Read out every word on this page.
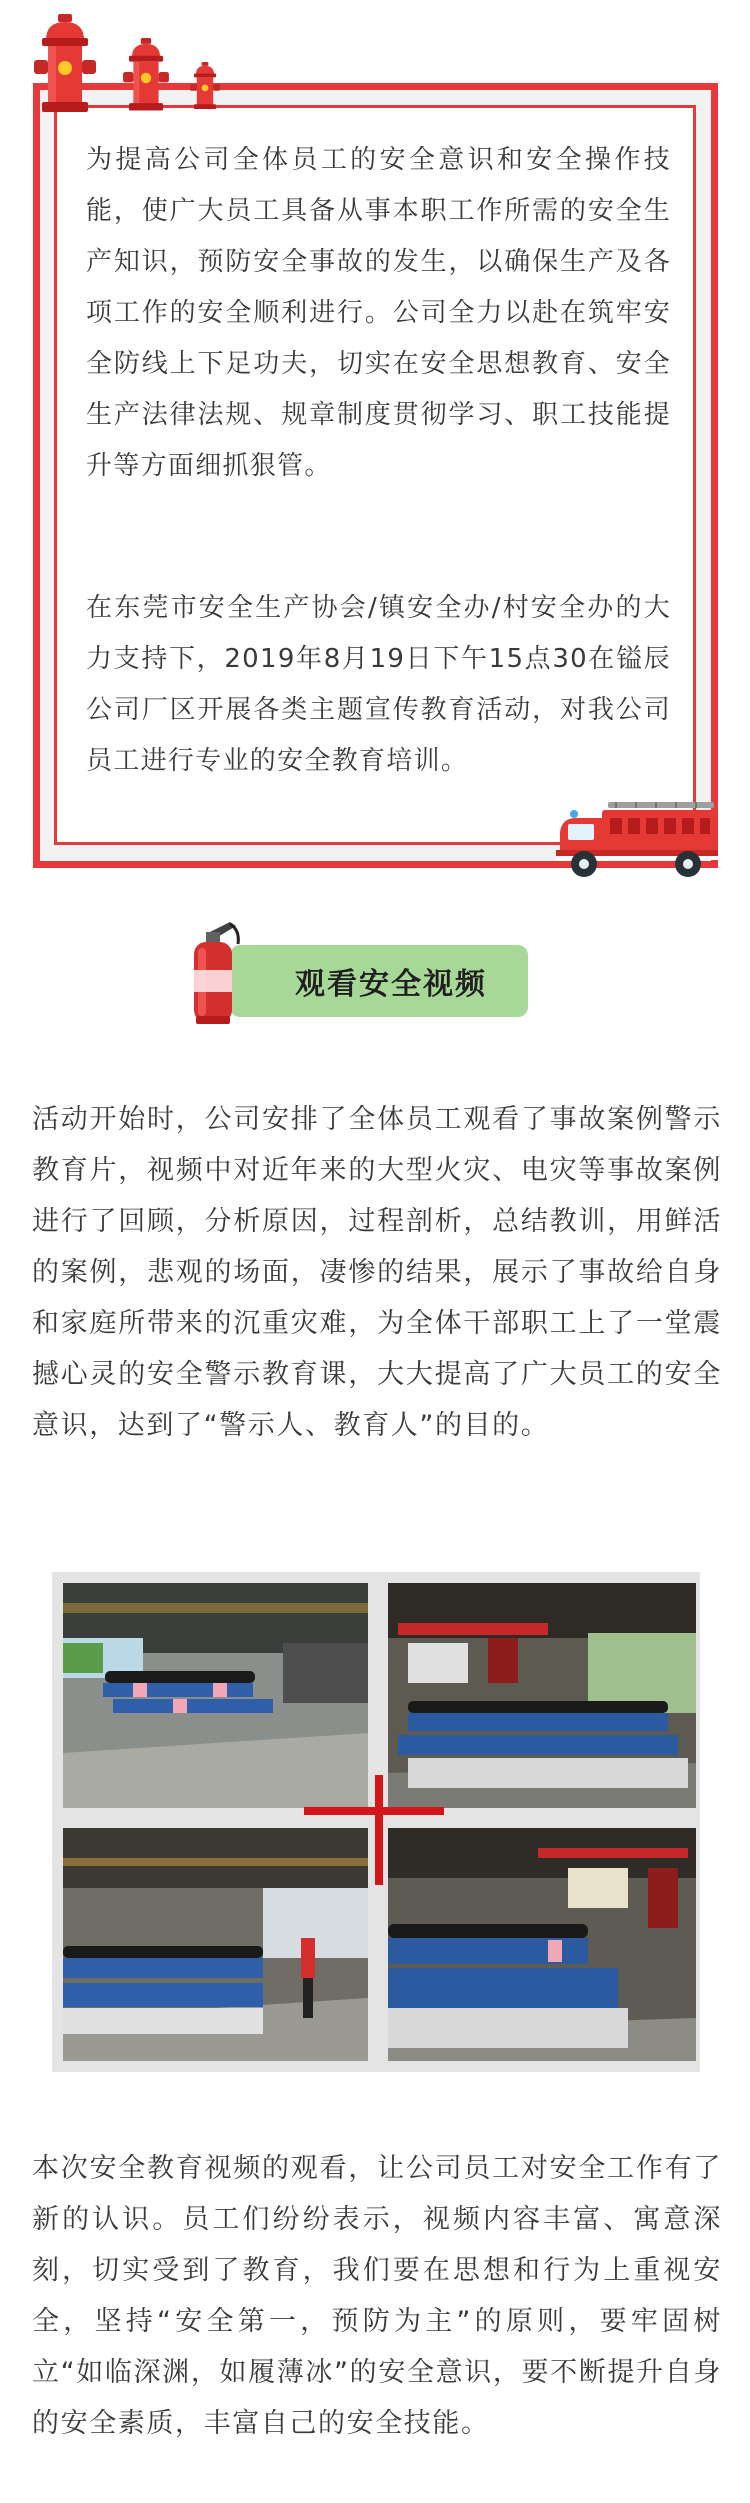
为提高公司全体员工的安全意识和安全操作技能，使广大员工具备从事本职工作所需的安全生产知识，预防安全事故的发生，以确保生产及各项工作的安全顺利进行。公司全力以赴在筑牢安全防线上下足功夫，切实在安全思想教育、安全生产法律法规、规章制度贯彻学习、职工技能提升等方面细抓狠管。

在东莞市安全生产协会/镇安全办/村安全办的大力支持下，2019年8月19日下午15点30在镒辰公司厂区开展各类主题宣传教育活动，对我公司员工进行专业的安全教育培训。

观看安全视频

活动开始时，公司安排了全体员工观看了事故案例警示教育片，视频中对近年来的大型火灾、电灾等事故案例进行了回顾，分析原因，过程剖析，总结教训，用鲜活的案例，悲观的场面，凄惨的结果，展示了事故给自身和家庭所带来的沉重灾难，为全体干部职工上了一堂震撼心灵的安全警示教育课，大大提高了广大员工的安全意识，达到了“警示人、教育人”的目的。

本次安全教育视频的观看，让公司员工对安全工作有了新的认识。员工们纷纷表示，视频内容丰富、寓意深刻，切实受到了教育，我们要在思想和行为上重视安全，坚持“安全第一，预防为主”的原则，要牢固树立“如临深渊，如履薄冰”的安全意识，要不断提升自身的安全素质，丰富自己的安全技能。
